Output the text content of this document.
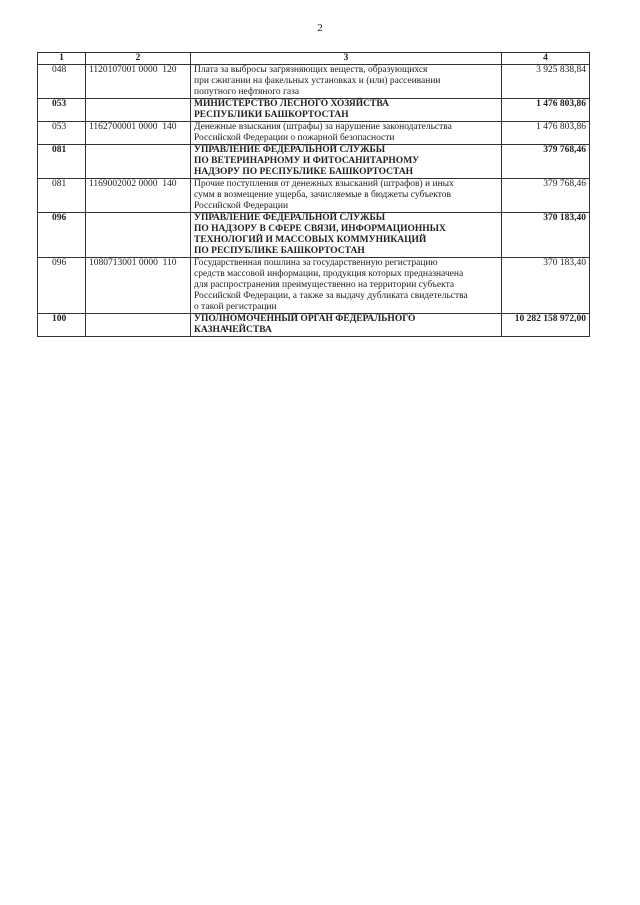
2
1	2	3	4
048	1120107001 0000  120	Плата за выбросы загрязняющих веществ, образующихся
при сжигании на факельных установках и (или) рассеивании
попутного нефтяного газа	3 925 838,84
053		МИНИСТЕРСТВО ЛЕСНОГО ХОЗЯЙСТВА
РЕСПУБЛИКИ БАШКОРТОСТАН	1 476 803,86
053	1162700001 0000  140	Денежные взыскания (штрафы) за нарушение законодательства
Российской Федерации о пожарной безопасности	1 476 803,86
081		УПРАВЛЕНИЕ ФЕДЕРАЛЬНОЙ СЛУЖБЫ
ПО ВЕТЕРИНАРНОМУ И ФИТОСАНИТАРНОМУ
НАДЗОРУ ПО РЕСПУБЛИКЕ БАШКОРТОСТАН	379 768,46
081	1169002002 0000  140	Прочие поступления от денежных взысканий (штрафов) и иных
сумм в возмещение ущерба, зачисляемые в бюджеты субъектов
Российской Федерации	379 768,46
096		УПРАВЛЕНИЕ ФЕДЕРАЛЬНОЙ СЛУЖБЫ
ПО НАДЗОРУ В СФЕРЕ СВЯЗИ, ИНФОРМАЦИОННЫХ
ТЕХНОЛОГИЙ И МАССОВЫХ КОММУНИКАЦИЙ
ПО РЕСПУБЛИКЕ БАШКОРТОСТАН	370 183,40
096	1080713001 0000  110	Государственная пошлина за государственную регистрацию
средств массовой информации, продукция которых предназначена
для распространения преимущественно на территории субъекта
Российской Федерации, а также за выдачу дубликата свидетельства
о такой регистрации	370 183,40
100		УПОЛНОМОЧЕННЫЙ ОРГАН ФЕДЕРАЛЬНОГО
КАЗНАЧЕЙСТВА	10 282 158 972,00
